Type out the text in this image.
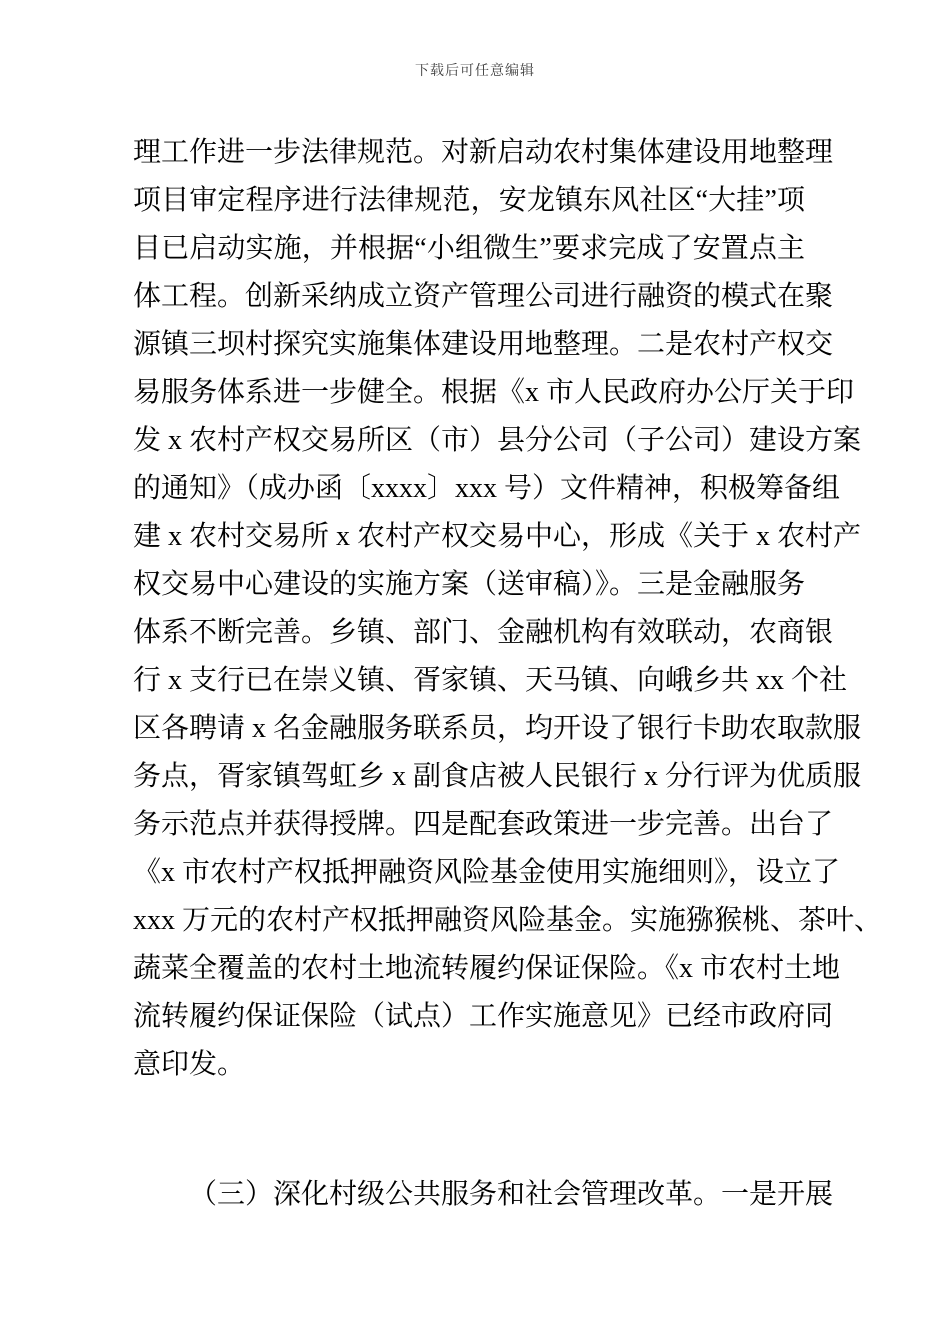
下载后可任意编辑
理工作进一步法律规范。对新启动农村集体建设用地整理
项目审定程序进行法律规范，安龙镇东风社区“大挂”项
目已启动实施，并根据“小组微生”要求完成了安置点主
体工程。创新采纳成立资产管理公司进行融资的模式在聚
源镇三坝村探究实施集体建设用地整理。二是农村产权交
易服务体系进一步健全。根据《x 市人民政府办公厅关于印
发 x 农村产权交易所区（市）县分公司（子公司）建设方案
的通知》（成办函〔xxxx〕xxx 号）文件精神，积极筹备组
建 x 农村交易所 x 农村产权交易中心，形成《关于 x 农村产
权交易中心建设的实施方案（送审稿）》。三是金融服务
体系不断完善。乡镇、部门、金融机构有效联动，农商银
行 x 支行已在崇义镇、胥家镇、天马镇、向峨乡共 xx 个社
区各聘请 x 名金融服务联系员，均开设了银行卡助农取款服
务点，胥家镇驾虹乡 x 副食店被人民银行 x 分行评为优质服
务示范点并获得授牌。四是配套政策进一步完善。出台了
《x 市农村产权抵押融资风险基金使用实施细则》，设立了
xxx 万元的农村产权抵押融资风险基金。实施猕猴桃、茶叶、
蔬菜全覆盖的农村土地流转履约保证保险。《x 市农村土地
流转履约保证保险（试点）工作实施意见》已经市政府同
意印发。
（三）深化村级公共服务和社会管理改革。一是开展
